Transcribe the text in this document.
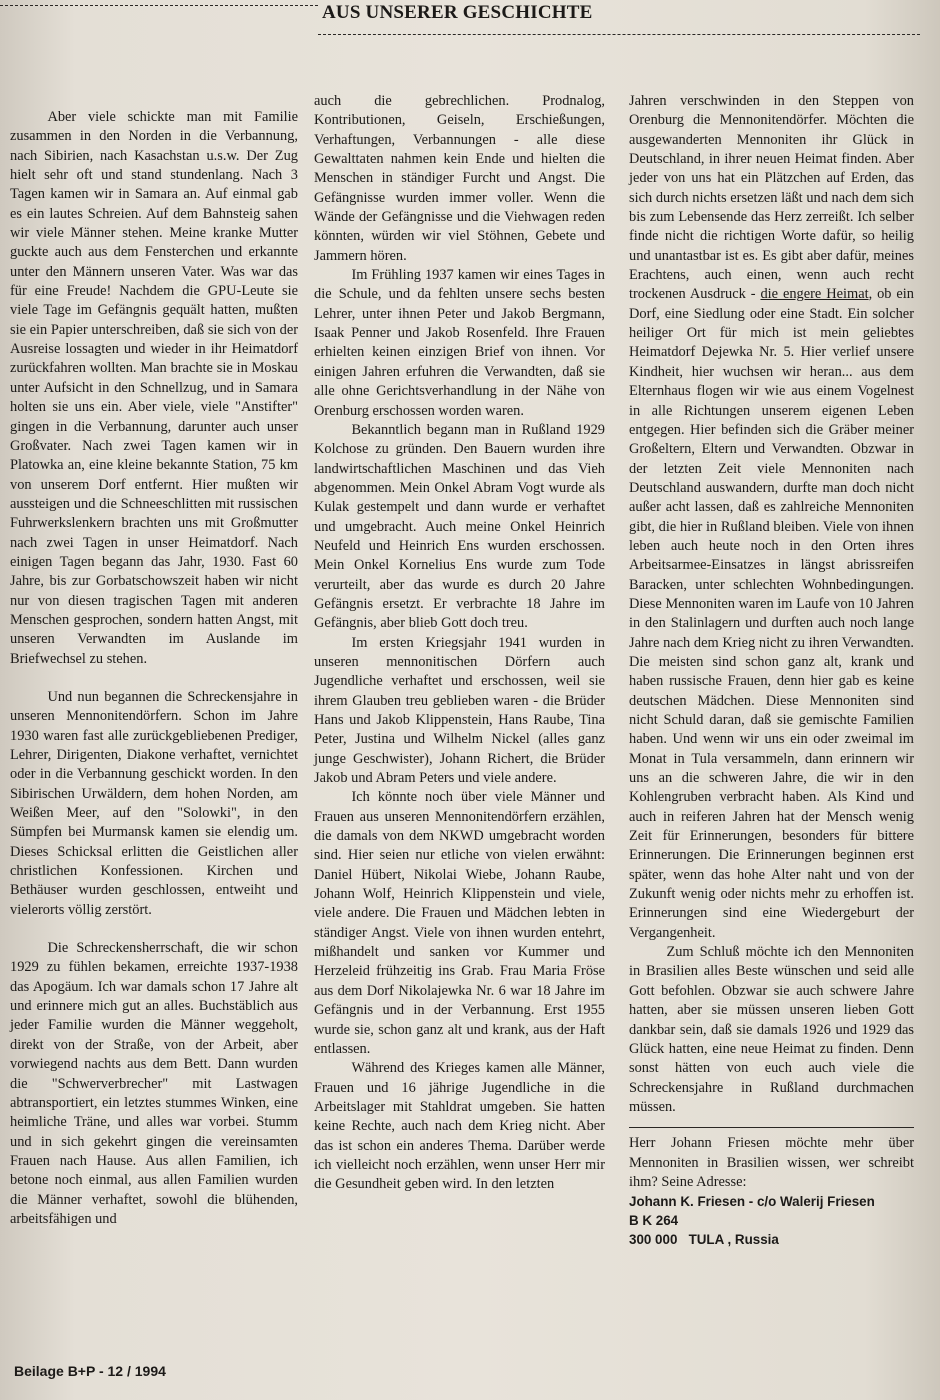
AUS UNSERER GESCHICHTE

Aber viele schickte man mit Familie zusammen in den Norden in die Verbannung, nach Sibirien, nach Kasachstan u.s.w. Der Zug hielt sehr oft und stand stundenlang. Nach 3 Tagen kamen wir in Samara an. Auf einmal gab es ein lautes Schreien. Auf dem Bahnsteig sahen wir viele Männer stehen. Meine kranke Mutter guckte auch aus dem Fensterchen und erkannte unter den Männern unseren Vater. Was war das für eine Freude! Nachdem die GPU-Leute sie viele Tage im Gefängnis gequält hatten, mußten sie ein Papier unterschreiben, daß sie sich von der Ausreise lossagten und wieder in ihr Heimatdorf zurückfahren wollten. Man brachte sie in Moskau unter Aufsicht in den Schnellzug, und in Samara holten sie uns ein. Aber viele, viele "Anstifter" gingen in die Verbannung, darunter auch unser Großvater. Nach zwei Tagen kamen wir in Platowka an, eine kleine bekannte Station, 75 km von unserem Dorf entfernt. Hier mußten wir aussteigen und die Schneeschlitten mit russischen Fuhrwerkslenkern brachten uns mit Großmutter nach zwei Tagen in unser Heimatdorf. Nach einigen Tagen begann das Jahr, 1930. Fast 60 Jahre, bis zur Gorbatschowszeit haben wir nicht nur von diesen tragischen Tagen mit anderen Menschen gesprochen, sondern hatten Angst, mit unseren Verwandten im Auslande im Briefwechsel zu stehen.

Und nun begannen die Schreckensjahre in unseren Mennonitendörfern. Schon im Jahre 1930 waren fast alle zurückgebliebenen Prediger, Lehrer, Dirigenten, Diakone verhaftet, vernichtet oder in die Verbannung geschickt worden. In den Sibirischen Urwäldern, dem hohen Norden, am Weißen Meer, auf den "Solowki", in den Sümpfen bei Murmansk kamen sie elendig um. Dieses Schicksal erlitten die Geistlichen aller christlichen Konfessionen. Kirchen und Bethäuser wurden geschlossen, entweiht und vielerorts völlig zerstört.

Die Schreckensherrschaft, die wir schon 1929 zu fühlen bekamen, erreichte 1937-1938 das Apogäum. Ich war damals schon 17 Jahre alt und erinnere mich gut an alles. Buchstäblich aus jeder Familie wurden die Männer weggeholt, direkt von der Straße, von der Arbeit, aber vorwiegend nachts aus dem Bett. Dann wurden die "Schwerverbrecher" mit Lastwagen abtransportiert, ein letztes stummes Winken, eine heimliche Träne, und alles war vorbei. Stumm und in sich gekehrt gingen die vereinsamten Frauen nach Hause. Aus allen Familien, ich betone noch einmal, aus allen Familien wurden die Männer verhaftet, sowohl die blühenden, arbeitsfähigen und

auch die gebrechlichen. Prodnalog, Kontributionen, Geiseln, Erschießungen, Verhaftungen, Verbannungen - alle diese Gewalttaten nahmen kein Ende und hielten die Menschen in ständiger Furcht und Angst. Die Gefängnisse wurden immer voller. Wenn die Wände der Gefängnisse und die Viehwagen reden könnten, würden wir viel Stöhnen, Gebete und Jammern hören.

Im Frühling 1937 kamen wir eines Tages in die Schule, und da fehlten unsere sechs besten Lehrer, unter ihnen Peter und Jakob Bergmann, Isaak Penner und Jakob Rosenfeld. Ihre Frauen erhielten keinen einzigen Brief von ihnen. Vor einigen Jahren erfuhren die Verwandten, daß sie alle ohne Gerichtsverhandlung in der Nähe von Orenburg erschossen worden waren.

Bekanntlich begann man in Rußland 1929 Kolchose zu gründen. Den Bauern wurden ihre landwirtschaftlichen Maschinen und das Vieh abgenommen. Mein Onkel Abram Vogt wurde als Kulak gestempelt und dann wurde er verhaftet und umgebracht. Auch meine Onkel Heinrich Neufeld und Heinrich Ens wurden erschossen. Mein Onkel Kornelius Ens wurde zum Tode verurteilt, aber das wurde es durch 20 Jahre Gefängnis ersetzt. Er verbrachte 18 Jahre im Gefängnis, aber blieb Gott doch treu.

Im ersten Kriegsjahr 1941 wurden in unseren mennonitischen Dörfern auch Jugendliche verhaftet und erschossen, weil sie ihrem Glauben treu geblieben waren - die Brüder Hans und Jakob Klippenstein, Hans Raube, Tina Peter, Justina und Wilhelm Nickel (alles ganz junge Geschwister), Johann Richert, die Brüder Jakob und Abram Peters und viele andere.

Ich könnte noch über viele Männer und Frauen aus unseren Mennonitendörfern erzählen, die damals von dem NKWD umgebracht worden sind. Hier seien nur etliche von vielen erwähnt: Daniel Hübert, Nikolai Wiebe, Johann Raube, Johann Wolf, Heinrich Klippenstein und viele, viele andere. Die Frauen und Mädchen lebten in ständiger Angst. Viele von ihnen wurden entehrt, mißhandelt und sanken vor Kummer und Herzeleid frühzeitig ins Grab. Frau Maria Fröse aus dem Dorf Nikolajewka Nr. 6 war 18 Jahre im Gefängnis und in der Verbannung. Erst 1955 wurde sie, schon ganz alt und krank, aus der Haft entlassen.

Während des Krieges kamen alle Männer, Frauen und 16 jährige Jugendliche in die Arbeitslager mit Stahldrat umgeben. Sie hatten keine Rechte, auch nach dem Krieg nicht. Aber das ist schon ein anderes Thema. Darüber werde ich vielleicht noch erzählen, wenn unser Herr mir die Gesundheit geben wird. In den letzten

Jahren verschwinden in den Steppen von Orenburg die Mennonitendörfer. Möchten die ausgewanderten Mennoniten ihr Glück in Deutschland, in ihrer neuen Heimat finden. Aber jeder von uns hat ein Plätzchen auf Erden, das sich durch nichts ersetzen läßt und nach dem sich bis zum Lebensende das Herz zerreißt. Ich selber finde nicht die richtigen Worte dafür, so heilig und unantastbar ist es. Es gibt aber dafür, meines Erachtens, auch einen, wenn auch recht trockenen Ausdruck - die engere Heimat, ob ein Dorf, eine Siedlung oder eine Stadt. Ein solcher heiliger Ort für mich ist mein geliebtes Heimatdorf Dejewka Nr. 5. Hier verlief unsere Kindheit, hier wuchsen wir heran... aus dem Elternhaus flogen wir wie aus einem Vogelnest in alle Richtungen unserem eigenen Leben entgegen. Hier befinden sich die Gräber meiner Großeltern, Eltern und Verwandten. Obzwar in der letzten Zeit viele Mennoniten nach Deutschland auswandern, durfte man doch nicht außer acht lassen, daß es zahlreiche Mennoniten gibt, die hier in Rußland bleiben. Viele von ihnen leben auch heute noch in den Orten ihres Arbeitsarmee-Einsatzes in längst abrissreifen Baracken, unter schlechten Wohnbedingungen. Diese Mennoniten waren im Laufe von 10 Jahren in den Stalinlagern und durften auch noch lange Jahre nach dem Krieg nicht zu ihren Verwandten. Die meisten sind schon ganz alt, krank und haben russische Frauen, denn hier gab es keine deutschen Mädchen. Diese Mennoniten sind nicht Schuld daran, daß sie gemischte Familien haben. Und wenn wir uns ein oder zweimal im Monat in Tula versammeln, dann erinnern wir uns an die schweren Jahre, die wir in den Kohlengruben verbracht haben. Als Kind und auch in reiferen Jahren hat der Mensch wenig Zeit für Erinnerungen, besonders für bittere Erinnerungen. Die Erinnerungen beginnen erst später, wenn das hohe Alter naht und von der Zukunft wenig oder nichts mehr zu erhoffen ist. Erinnerungen sind eine Wiedergeburt der Vergangenheit.

Zum Schluß möchte ich den Mennoniten in Brasilien alles Beste wünschen und seid alle Gott befohlen. Obzwar sie auch schwere Jahre hatten, aber sie müssen unseren lieben Gott dankbar sein, daß sie damals 1926 und 1929 das Glück hatten, eine neue Heimat zu finden. Denn sonst hätten von euch auch viele die Schreckensjahre in Rußland durchmachen müssen.

Herr Johann Friesen möchte mehr über Mennoniten in Brasilien wissen, wer schreibt ihm? Seine Adresse:

Johann K. Friesen - c/o Walerij Friesen

B K 264

300 000   TULA , Russia

Beilage B+P - 12 / 1994
